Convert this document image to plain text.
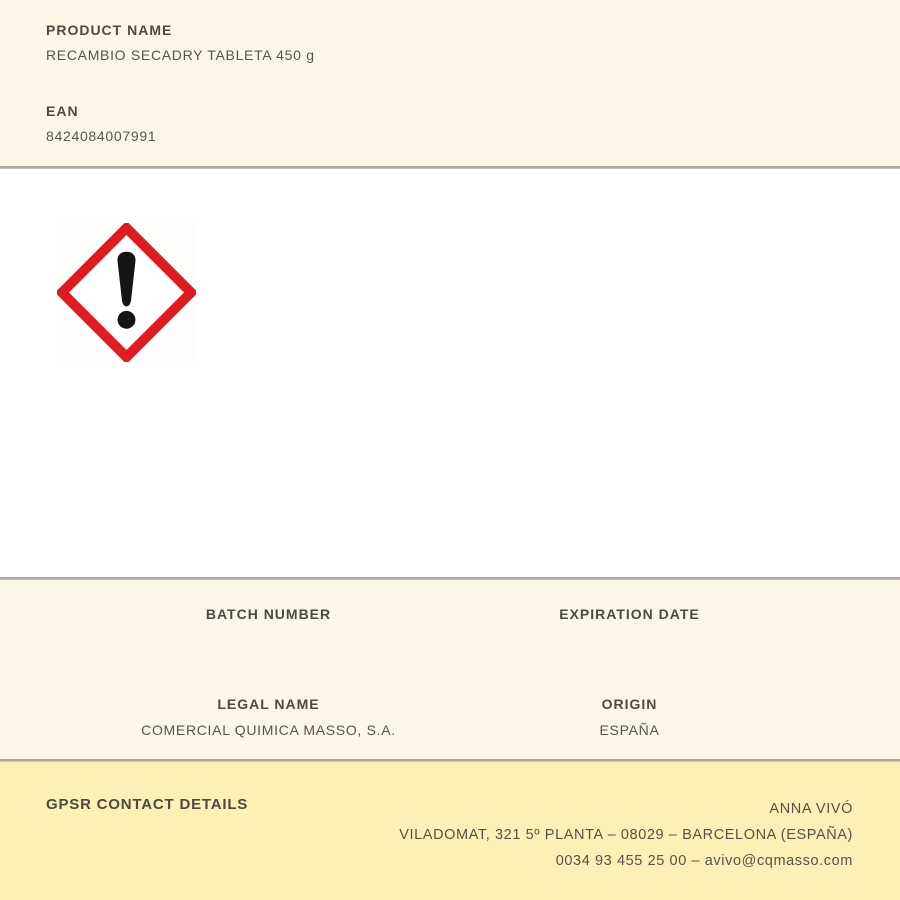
PRODUCT NAME
RECAMBIO SECADRY TABLETA 450 g
EAN
8424084007991
BATCH NUMBER	EXPIRATION DATE
LEGAL NAME
COMERCIAL QUIMICA MASSO, S.A.
ORIGIN
ESPAÑA
GPSR CONTACT DETAILS	ANNA VIVÓ
VILADOMAT, 321 5º PLANTA – 08029 – BARCELONA (ESPAÑA)
0034 93 455 25 00 – avivo@cqmasso.com
